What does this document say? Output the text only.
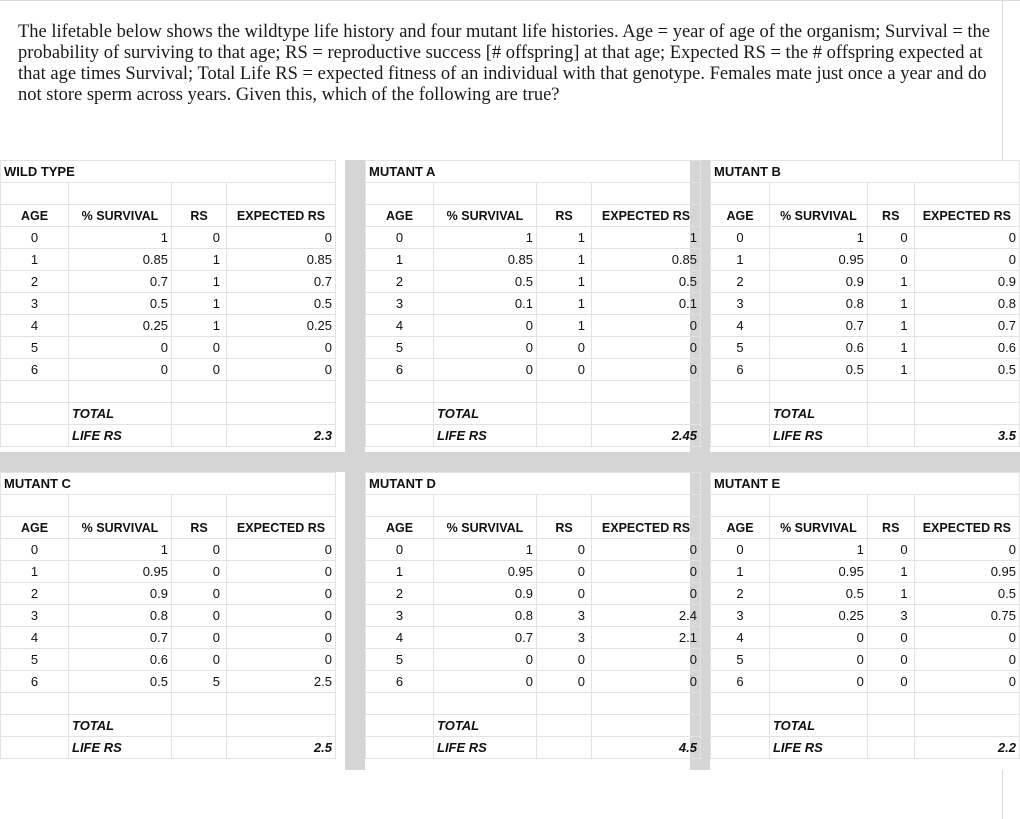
The lifetable below shows the wildtype life history and four mutant life histories. Age = year of age of the organism; Survival = the probability of surviving to that age; RS = reproductive success [# offspring] at that age; Expected RS = the # offspring expected at that age times Survival; Total Life RS = expected fitness of an individual with that genotype. Females mate just once a year and do not store sperm across years. Given this, which of the following are true?

WILD TYPE			

AGE	% SURVIVAL	RS	EXPECTED RS
0	1	0	0
1	0.85	1	0.85
2	0.7	1	0.7
3	0.5	1	0.5
4	0.25	1	0.25
5	0	0	0
6	0	0	0

	TOTAL		
	LIFE RS		2.3
MUTANT A			

AGE	% SURVIVAL	RS	EXPECTED RS
0	1	1	1
1	0.85	1	0.85
2	0.5	1	0.5
3	0.1	1	0.1
4	0	1	0
5	0	0	0
6	0	0	0

	TOTAL		
	LIFE RS		2.45
MUTANT B			

AGE	% SURVIVAL	RS	EXPECTED RS
0	1	0	0
1	0.95	0	0
2	0.9	1	0.9
3	0.8	1	0.8
4	0.7	1	0.7
5	0.6	1	0.6
6	0.5	1	0.5

	TOTAL		
	LIFE RS		3.5
MUTANT C			

AGE	% SURVIVAL	RS	EXPECTED RS
0	1	0	0
1	0.95	0	0
2	0.9	0	0
3	0.8	0	0
4	0.7	0	0
5	0.6	0	0
6	0.5	5	2.5

	TOTAL		
	LIFE RS		2.5
MUTANT D			

AGE	% SURVIVAL	RS	EXPECTED RS
0	1	0	0
1	0.95	0	0
2	0.9	0	0
3	0.8	3	2.4
4	0.7	3	2.1
5	0	0	0
6	0	0	0

	TOTAL		
	LIFE RS		4.5
MUTANT E			

AGE	% SURVIVAL	RS	EXPECTED RS
0	1	0	0
1	0.95	1	0.95
2	0.5	1	0.5
3	0.25	3	0.75
4	0	0	0
5	0	0	0
6	0	0	0

	TOTAL		
	LIFE RS		2.2
